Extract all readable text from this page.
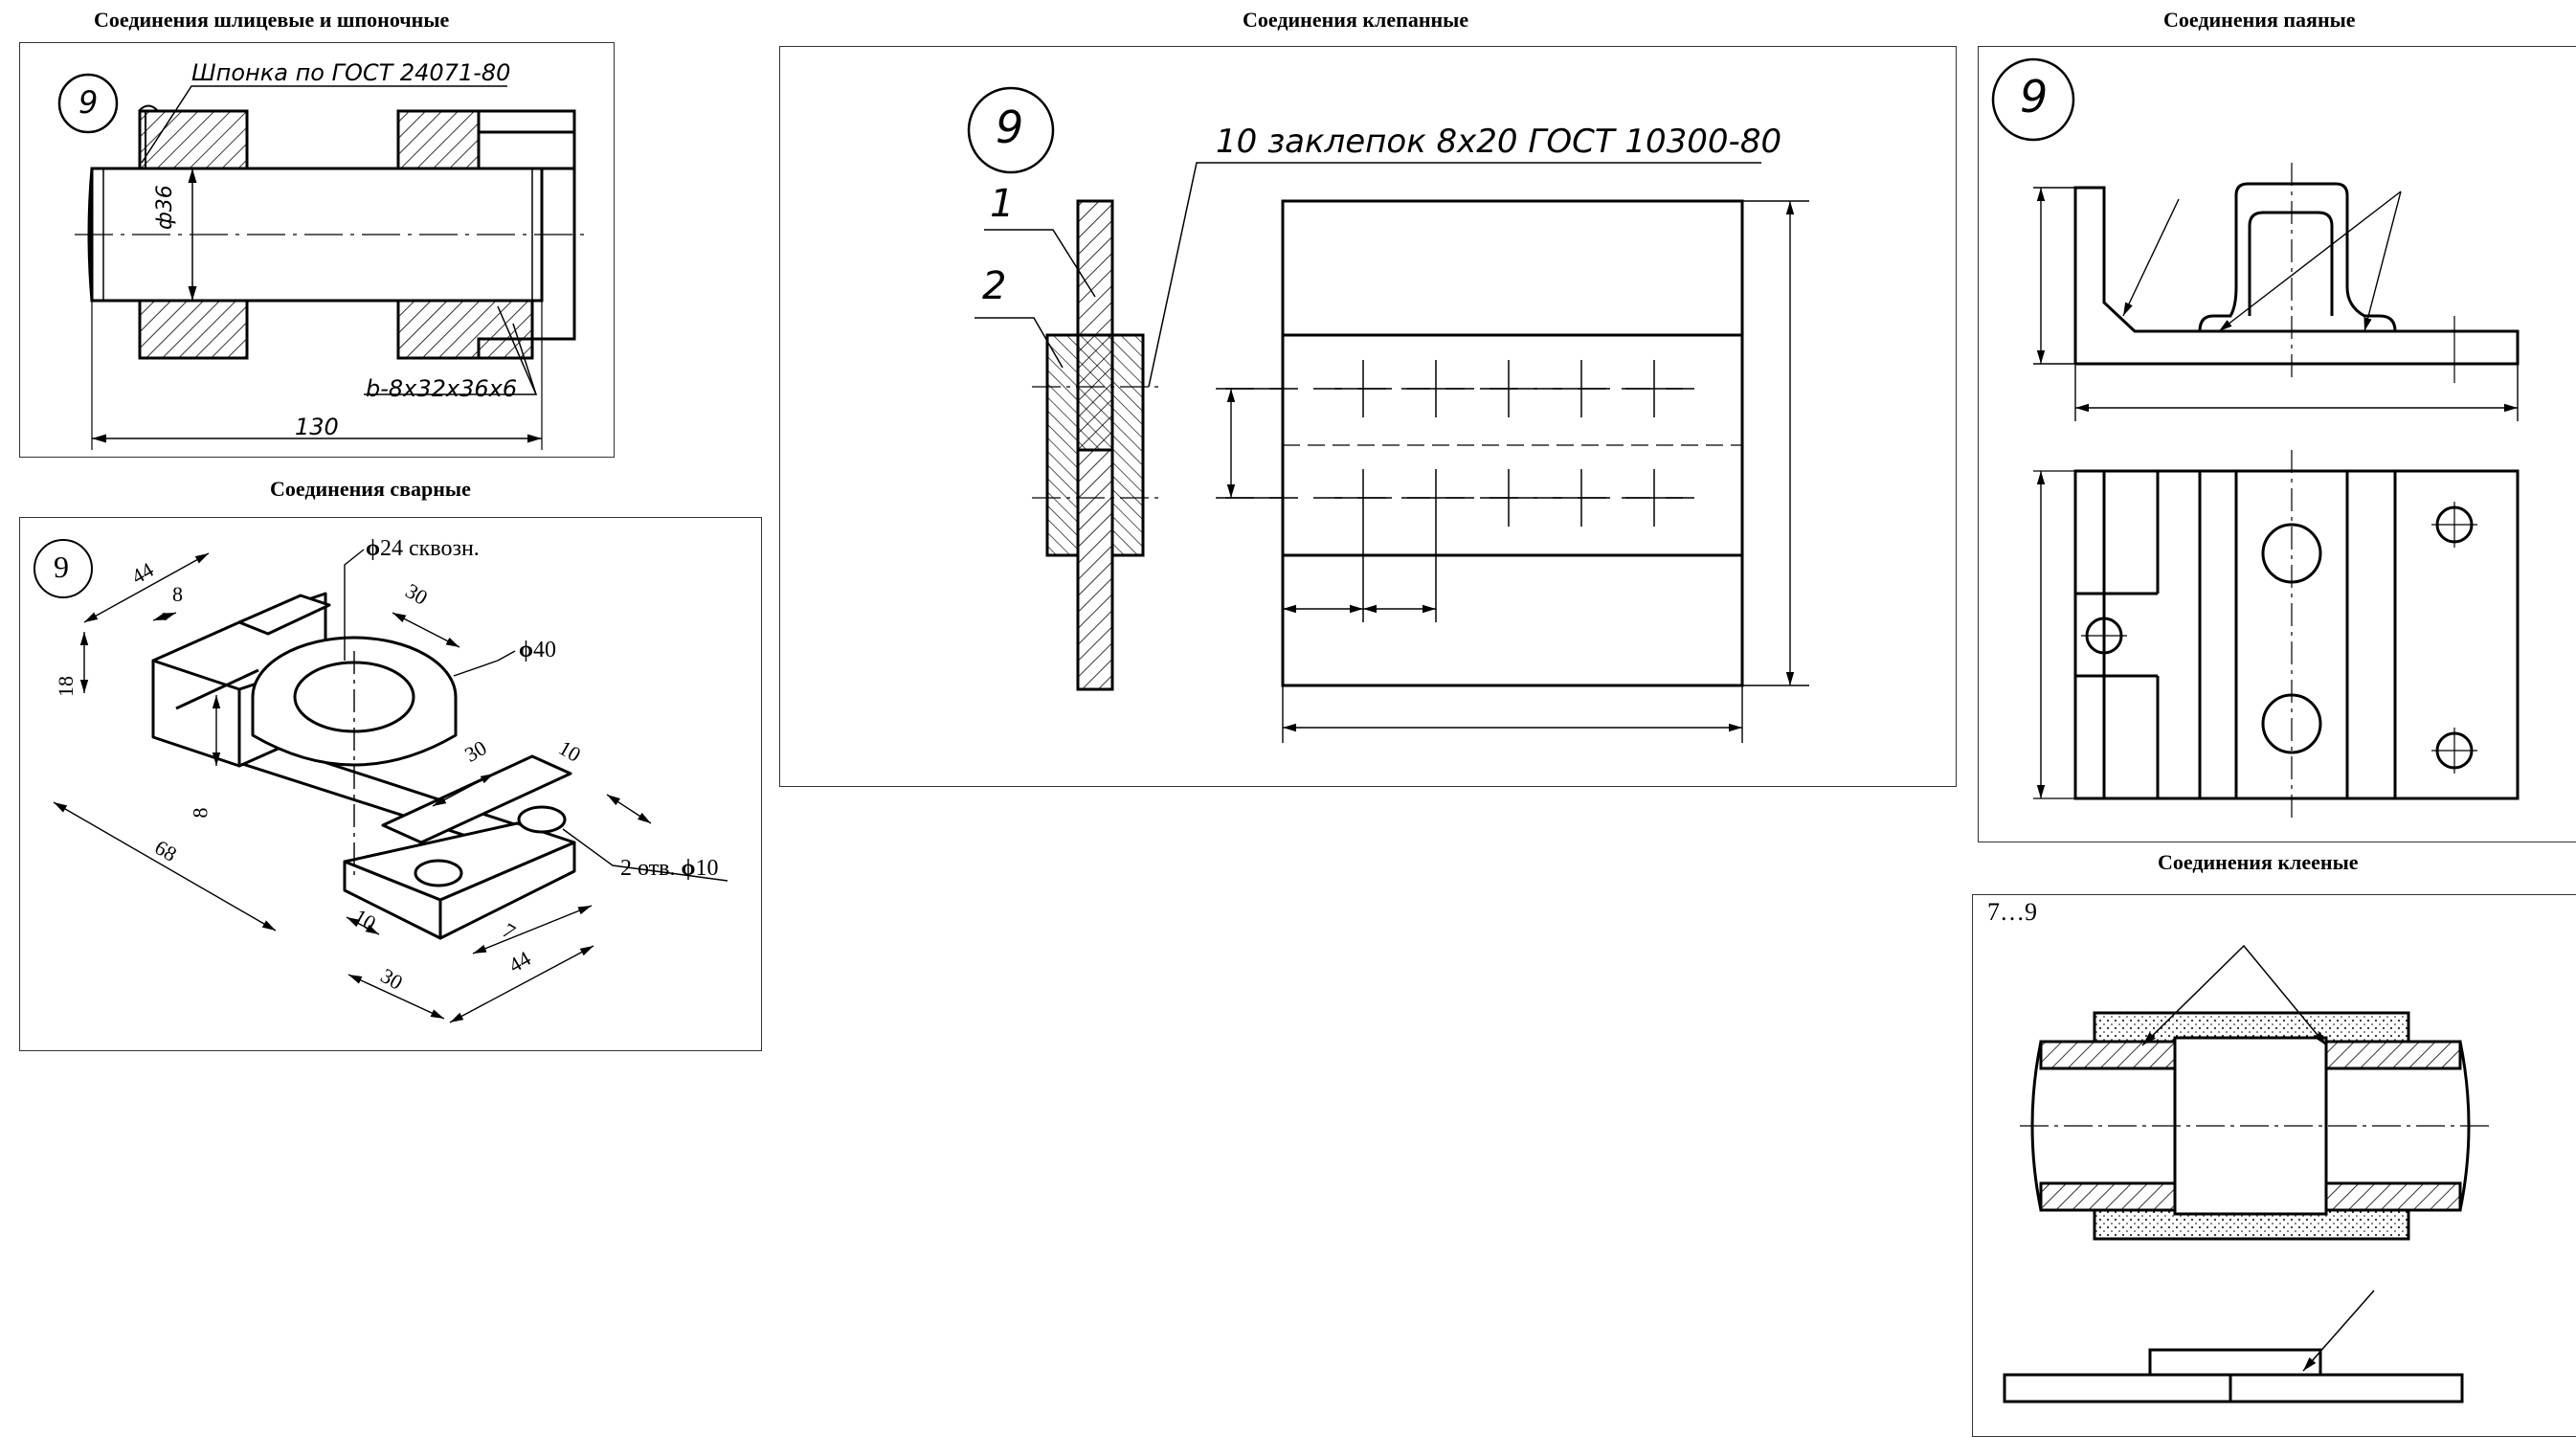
Соединения шлицевые и шпоночные
9
Шпонка по ГОСТ 24071-80
b-8x32x36x6
130
ф36
Соединения сварные
9	44
8	30
18
8
68
30	10
10	7
44
30
ϕ24 сквозн.
ϕ40
2 отв. ϕ10
Соединения клепанные
9	10 заклепок 8х20 ГОСТ 10300-80
1
2
Соединения паяные
9
Соединения клееные
7…9
